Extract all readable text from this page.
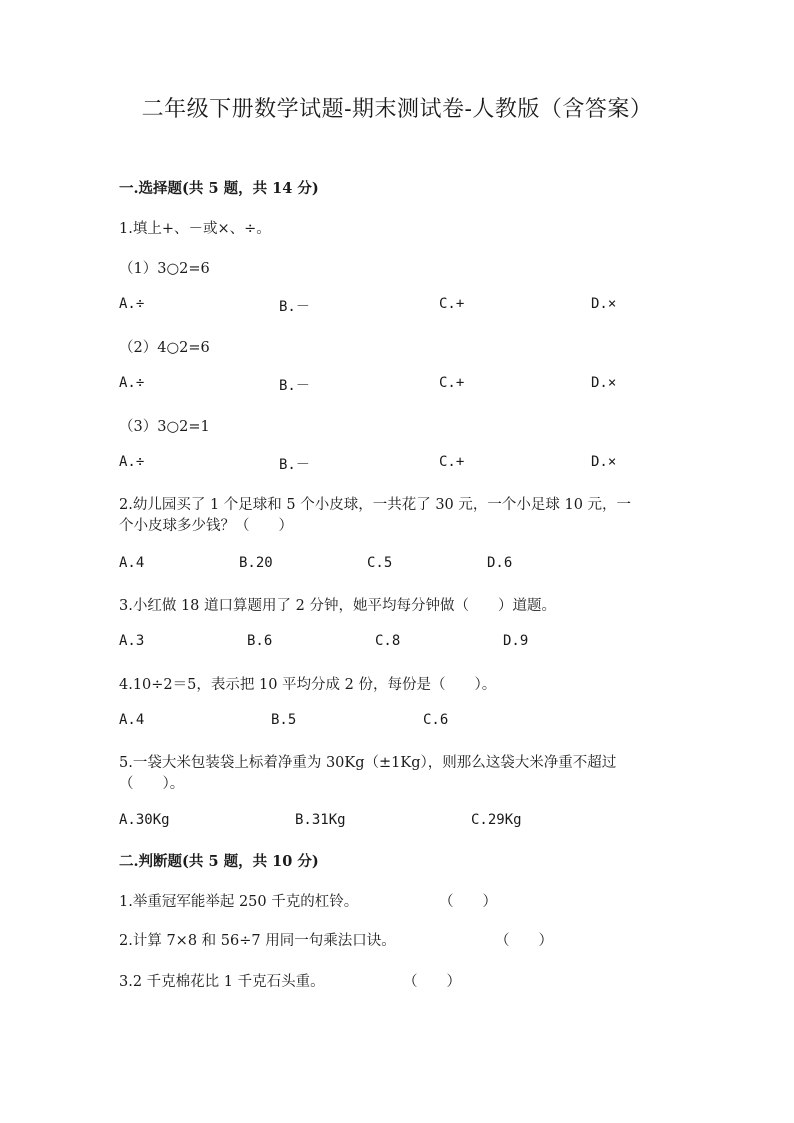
二年级下册数学试题-期末测试卷-人教版（含答案）
一.选择题(共 5 题，共 14 分)
1.填上+、－或×、÷。
（1）3○2=6
A.÷	B.－	C.+	D.×
（2）4○2=6
A.÷	B.－	C.+	D.×
（3）3○2=1
A.÷	B.－	C.+	D.×
2.幼儿园买了 1 个足球和 5 个小皮球，一共花了 30 元，一个小足球 10 元，一
个小皮球多少钱？（　　）
A.4	B.20	C.5	D.6
3.小红做 18 道口算题用了 2 分钟，她平均每分钟做（　　）道题。
A.3	B.6	C.8	D.9
4.10÷2＝5，表示把 10 平均分成 2 份，每份是（　　）。
A.4	B.5	C.6
5.一袋大米包装袋上标着净重为 30Kg（±1Kg），则那么这袋大米净重不超过
（　　）。
A.30Kg	B.31Kg	C.29Kg
二.判断题(共 5 题，共 10 分)
1.举重冠军能举起 250 千克的杠铃。	（　　）
2.计算 7×8 和 56÷7 用同一句乘法口诀。	（　　）
3.2 千克棉花比 1 千克石头重。	（　　）
